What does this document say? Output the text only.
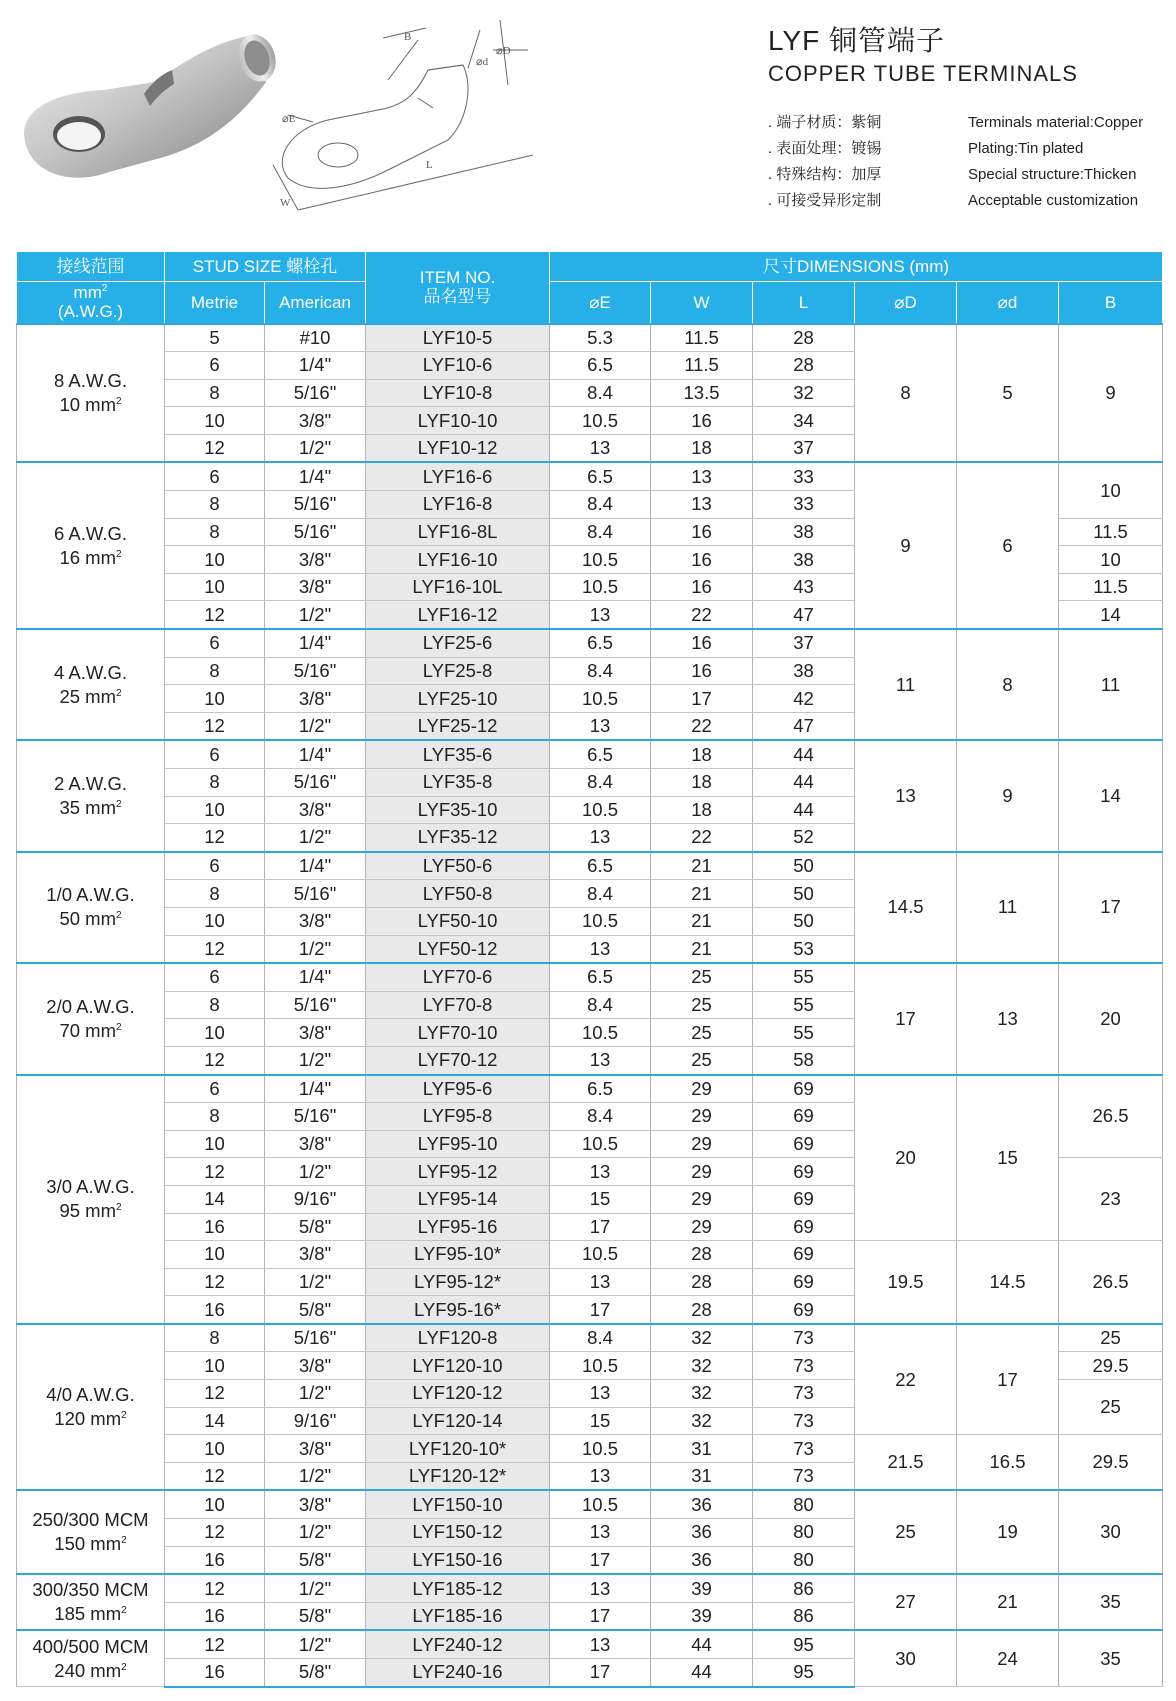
B
⌀D
⌀d
⌀E
L
W
LYF 铜管端子
COPPER TUBE TERMINALS
. 端子材质：紫铜	Terminals material:Copper
. 表面处理：镀锡	Plating:Tin plated
. 特殊结构：加厚	Special structure:Thicken
. 可接受异形定制	Acceptable customization
接线范围	STUD SIZE 螺栓孔		ITEM NO.
品名型号	尺寸DIMENSIONS (mm)					

$mm^2$
(A.W.G.)	Metrie	American		⌀E	W	L	⌀D	⌀d	B

8 A.W.G.
10 $mm^2$	5	#10	LYF10-5	5.3	11.5	28	8	5	9
	6	1/4"	LYF10-6	6.5	11.5	28			
	8	5/16"	LYF10-8	8.4	13.5	32			
	10	3/8"	LYF10-10	10.5	16	34			
	12	1/2"	LYF10-12	13	18	37			

6 A.W.G.
16 $mm^2$	6	1/4"	LYF16-6	6.5	13	33	9	6	10
	8	5/16"	LYF16-8	8.4	13	33			
	8	5/16"	LYF16-8L	8.4	16	38			11.5
	10	3/8"	LYF16-10	10.5	16	38			10
	10	3/8"	LYF16-10L	10.5	16	43			11.5
	12	1/2"	LYF16-12	13	22	47			14

4 A.W.G.
25 $mm^2$	6	1/4"	LYF25-6	6.5	16	37	11	8	11
	8	5/16"	LYF25-8	8.4	16	38			
	10	3/8"	LYF25-10	10.5	17	42			
	12	1/2"	LYF25-12	13	22	47			

2 A.W.G.
35 $mm^2$	6	1/4"	LYF35-6	6.5	18	44	13	9	14
	8	5/16"	LYF35-8	8.4	18	44			
	10	3/8"	LYF35-10	10.5	18	44			
	12	1/2"	LYF35-12	13	22	52			

1/0 A.W.G.
50 $mm^2$	6	1/4"	LYF50-6	6.5	21	50	14.5	11	17
	8	5/16"	LYF50-8	8.4	21	50			
	10	3/8"	LYF50-10	10.5	21	50			
	12	1/2"	LYF50-12	13	21	53			

2/0 A.W.G.
70 $mm^2$	6	1/4"	LYF70-6	6.5	25	55	17	13	20
	8	5/16"	LYF70-8	8.4	25	55			
	10	3/8"	LYF70-10	10.5	25	55			
	12	1/2"	LYF70-12	13	25	58			

3/0 A.W.G.
95 $mm^2$	6	1/4"	LYF95-6	6.5	29	69	20	15	26.5
	8	5/16"	LYF95-8	8.4	29	69			
	10	3/8"	LYF95-10	10.5	29	69			
	12	1/2"	LYF95-12	13	29	69			23
	14	9/16"	LYF95-14	15	29	69			
	16	5/8"	LYF95-16	17	29	69			
	10	3/8"	LYF95-10*	10.5	28	69	19.5	14.5	26.5
	12	1/2"	LYF95-12*	13	28	69			
	16	5/8"	LYF95-16*	17	28	69			

4/0 A.W.G.
120 $mm^2$	8	5/16"	LYF120-8	8.4	32	73	22	17	25
	10	3/8"	LYF120-10	10.5	32	73			29.5
	12	1/2"	LYF120-12	13	32	73			25
	14	9/16"	LYF120-14	15	32	73			
	10	3/8"	LYF120-10*	10.5	31	73	21.5	16.5	29.5
	12	1/2"	LYF120-12*	13	31	73			

250/300 MCM
150 $mm^2$	10	3/8"	LYF150-10	10.5	36	80	25	19	30
	12	1/2"	LYF150-12	13	36	80			
	16	5/8"	LYF150-16	17	36	80			

300/350 MCM
185 $mm^2$	12	1/2"	LYF185-12	13	39	86	27	21	35
	16	5/8"	LYF185-16	17	39	86			

400/500 MCM
240 $mm^2$	12	1/2"	LYF240-12	13	44	95	30	24	35
	16	5/8"	LYF240-16	17	44	95			
